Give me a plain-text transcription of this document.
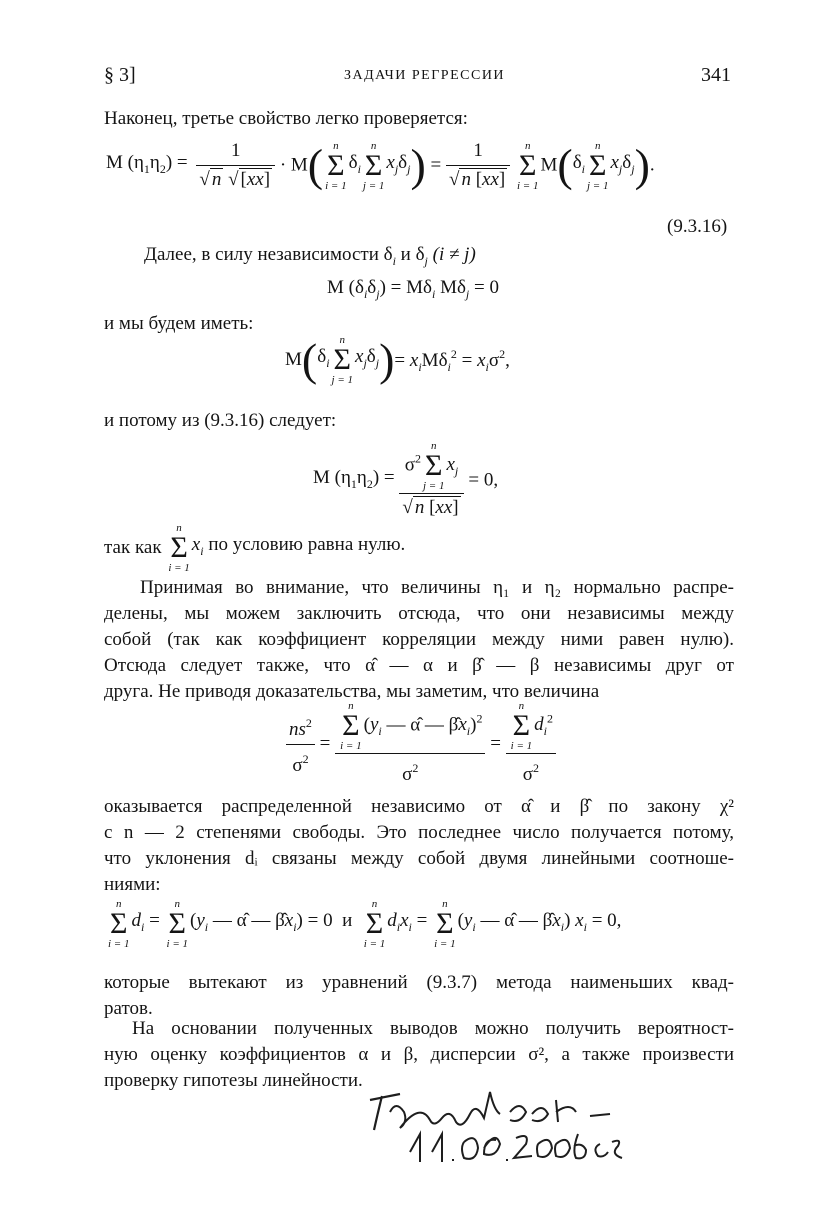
§ 3]	ЗАДАЧИ РЕГРЕССИИ	341
Наконец, третье свойство легко проверяется:
M $(\eta_1\eta_2) = \frac{1}{√ n √ [xx]} \cdot M$( n
Σ
i = 1
$\delta_i$
n
Σ
j = 1
$x_j\delta_j) = \frac{1}{√ n [xx]}$
n
Σ
i = 1
$M(\delta_i$
n
Σ
j = 1
$x_j\delta_j$).
(9.3.16)
Далее, в силу независимости $\delta_i$ и $\delta_j$ (i ≠ j)
M $(\delta_i\delta_j) = M\delta_i$ $M\delta_j = 0$
и мы будем иметь:
$M(\delta_i$
n
Σ
j = 1
$x_j\delta_j)= x_iM\delta_i^2 = x_i\sigma^2$,
и потому из (9.3.16) следует:
M $(\eta_1\eta_2) = \sigma^2$
n
Σ
j = 1
$x_j$
√ n [xx] = 0,
так как
n
Σ
i = 1
$x_i$ по условию равна нулю.
Принимая во внимание, что величины η₁ и η₂ нормально распре-
делены, мы можем заключить отсюда, что они независимы между
собой (так как коэффициент корреляции между ними равен нулю).
Отсюда следует также, что α̂ — α и β̂ — β независимы друг от
друга. Не приводя доказательства, мы заметим, что величина
$\frac{ns^2}{\sigma^2} = n$
Σ
i = 1
($y_i$ — α̂ — $\betâx_i)^2$
$\sigma^2 = n$
Σ
i = 1
$d_i^2$
$\sigma^2$
оказывается распределенной независимо от α̂ и β̂ по закону χ²
с n — 2 степенями свободы. Это последнее число получается потому,
что уклонения dᵢ связаны между собой двумя линейными соотноше-
ниями:
n
Σ
i = 1
$d_i$ =
n
Σ
i = 1
($y_i$ — α̂ — $\betâx_i) = 0$  и
n
Σ
i = 1
$d_ix_i$ =
n
Σ
i = 1
($y_i$ — α̂ — $\betâx_i$) $x_i = 0$,
которые вытекают из уравнений (9.3.7) метода наименьших квад-
ратов.
На основании полученных выводов можно получить вероятност-
ную оценку коэффициентов α и β, дисперсии σ², а также произвести
проверку гипотезы линейности.
